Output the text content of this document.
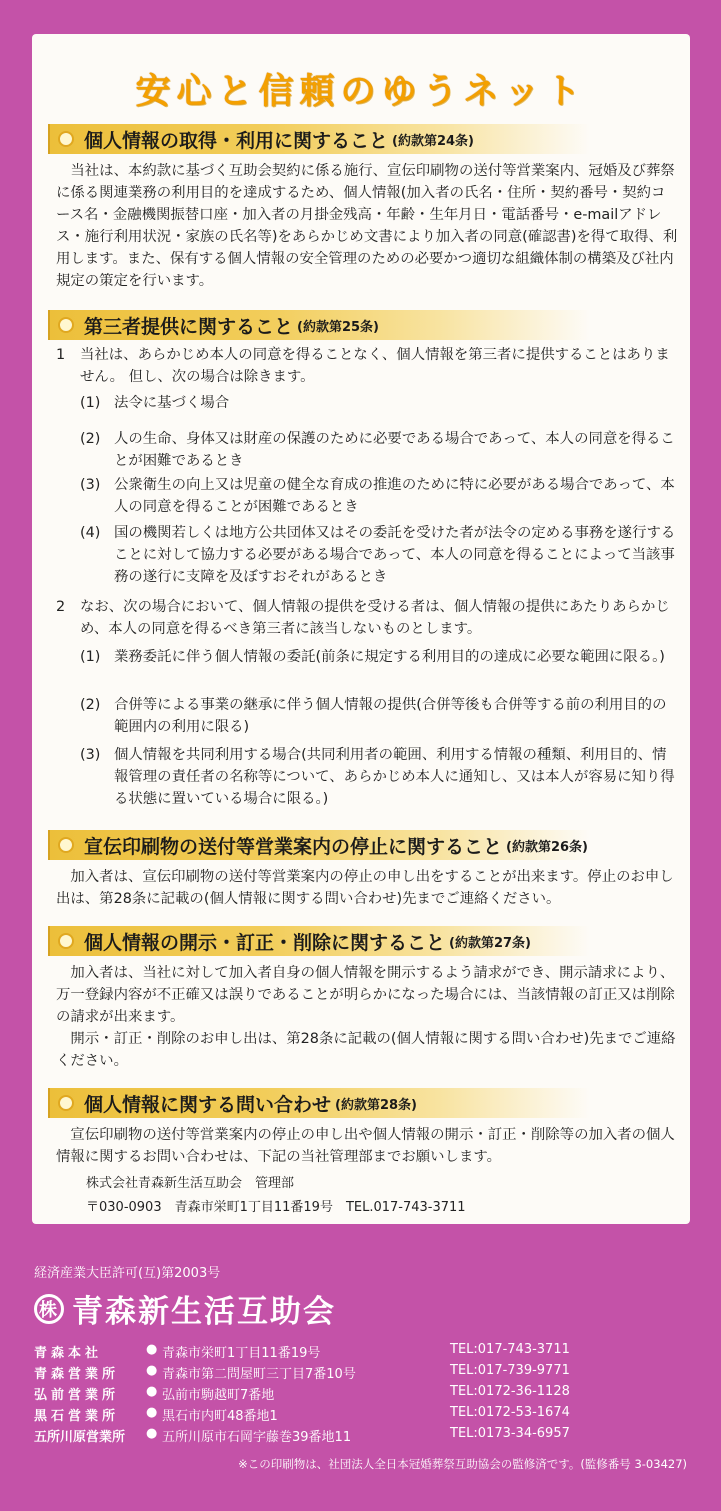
安心と信頼のゆうネット
個人情報の取得・利用に関すること (約款第24条)
当社は、本約款に基づく互助会契約に係る施行、宣伝印刷物の送付等営業案内、冠婚及び葬祭に係る関連業務の利用目的を達成するため、個人情報(加入者の氏名・住所・契約番号・契約コース名・金融機関振替口座・加入者の月掛金残高・年齢・生年月日・電話番号・e-mailアドレス・施行利用状況・家族の氏名等)をあらかじめ文書により加入者の同意(確認書)を得て取得、利用します。また、保有する個人情報の安全管理のための必要かつ適切な組織体制の構築及び社内規定の策定を行います。
第三者提供に関すること (約款第25条)
1 当社は、あらかじめ本人の同意を得ることなく、個人情報を第三者に提供することはありません。 但し、次の場合は除きます。
(1) 法令に基づく場合
(2) 人の生命、身体又は財産の保護のために必要である場合であって、本人の同意を得ることが困難であるとき
(3) 公衆衛生の向上又は児童の健全な育成の推進のために特に必要がある場合であって、本人の同意を得ることが困難であるとき
(4) 国の機関若しくは地方公共団体又はその委託を受けた者が法令の定める事務を遂行することに対して協力する必要がある場合であって、本人の同意を得ることによって当該事務の遂行に支障を及ぼすおそれがあるとき
2 なお、次の場合において、個人情報の提供を受ける者は、個人情報の提供にあたりあらかじめ、本人の同意を得るべき第三者に該当しないものとします。
(1) 業務委託に伴う個人情報の委託(前条に規定する利用目的の達成に必要な範囲に限る。)
(2) 合併等による事業の継承に伴う個人情報の提供(合併等後も合併等する前の利用目的の範囲内の利用に限る)
(3) 個人情報を共同利用する場合(共同利用者の範囲、利用する情報の種類、利用目的、情報管理の責任者の名称等について、あらかじめ本人に通知し、又は本人が容易に知り得る状態に置いている場合に限る。)
宣伝印刷物の送付等営業案内の停止に関すること (約款第26条)
加入者は、宣伝印刷物の送付等営業案内の停止の申し出をすることが出来ます。停止のお申し出は、第28条に記載の(個人情報に関する問い合わせ)先までご連絡ください。
個人情報の開示・訂正・削除に関すること (約款第27条)
加入者は、当社に対して加入者自身の個人情報を開示するよう請求ができ、開示請求により、万一登録内容が不正確又は誤りであることが明らかになった場合には、当該情報の訂正又は削除の請求が出来ます。
開示・訂正・削除のお申し出は、第28条に記載の(個人情報に関する問い合わせ)先までご連絡ください。
個人情報に関する問い合わせ (約款第28条)
宣伝印刷物の送付等営業案内の停止の申し出や個人情報の開示・訂正・削除等の加入者の個人情報に関するお問い合わせは、下記の当社管理部までお願いします。
株式会社青森新生活互助会　管理部
〒030-0903　青森市栄町1丁目11番19号　TEL.017-743-3711
経済産業大臣許可(互)第2003号
株 青森新生活互助会
青森本社	● 青森市栄町1丁目11番19号	TEL:017-743-3711
青森営業所 ● 青森市第二問屋町三丁目7番10号	TEL:017-739-9771
弘前営業所 ● 弘前市駒越町7番地	TEL:0172-36-1128
黒石営業所 ● 黒石市内町48番地1	TEL:0172-53-1674
五所川原営業所 ● 五所川原市石岡字藤巻39番地11	TEL:0173-34-6957
※この印刷物は、社団法人全日本冠婚葬祭互助協会の監修済です。(監修番号 3-03427)
